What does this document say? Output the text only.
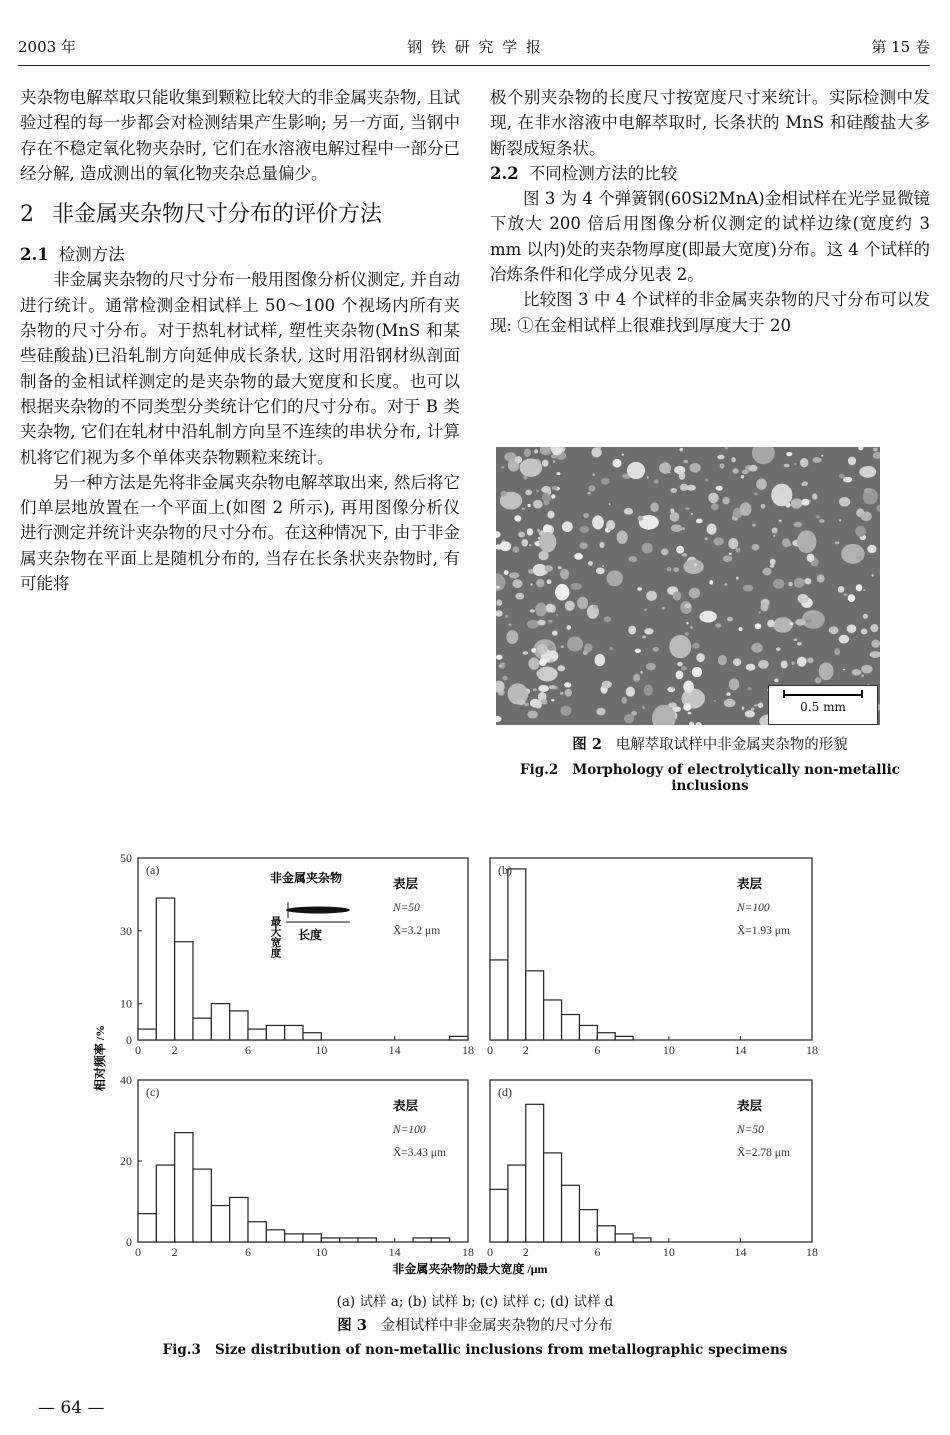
2003 年	钢 铁 研 究 学 报	第 15 卷

夹杂物电解萃取只能收集到颗粒比较大的非金属夹杂物, 且试验过程的每一步都会对检测结果产生影响; 另一方面, 当钢中存在不稳定氧化物夹杂时, 它们在水溶液电解过程中一部分已经分解, 造成测出的氧化物夹杂总量偏少。

2 非金属夹杂物尺寸分布的评价方法

2.1 检测方法

非金属夹杂物的尺寸分布一般用图像分析仪测定, 并自动进行统计。通常检测金相试样上 50～100 个视场内所有夹杂物的尺寸分布。对于热轧材试样, 塑性夹杂物(MnS 和某些硅酸盐)已沿轧制方向延伸成长条状, 这时用沿钢材纵剖面制备的金相试样测定的是夹杂物的最大宽度和长度。也可以根据夹杂物的不同类型分类统计它们的尺寸分布。对于 B 类夹杂物, 它们在轧材中沿轧制方向呈不连续的串状分布, 计算机将它们视为多个单体夹杂物颗粒来统计。

另一种方法是先将非金属夹杂物电解萃取出来, 然后将它们单层地放置在一个平面上(如图 2 所示), 再用图像分析仪进行测定并统计夹杂物的尺寸分布。在这种情况下, 由于非金属夹杂物在平面上是随机分布的, 当存在长条状夹杂物时, 有可能将

极个别夹杂物的长度尺寸按宽度尺寸来统计。实际检测中发现, 在非水溶液中电解萃取时, 长条状的 MnS 和硅酸盐大多断裂成短条状。

2.2 不同检测方法的比较

图 3 为 4 个弹簧钢(60Si2MnA)金相试样在光学显微镜下放大 200 倍后用图像分析仪测定的试样边缘(宽度约 3 mm 以内)处的夹杂物厚度(即最大宽度)分布。这 4 个试样的冶炼条件和化学成分见表 2。

比较图 3 中 4 个试样的非金属夹杂物的尺寸分布可以发现: ①在金相试样上很难找到厚度大于 20

0.5 mm
图 2 电解萃取试样中非金属夹杂物的形貌
Fig.2 Morphology of electrolytically non-metallic inclusions
0	2	6	10	14	18
10
30
50
0
(a)
表层
N=50
X̄=3.2 μm
0 2	6	10	14	18
(b)
表层
N=100
X̄=1.93 μm
0	2	6	10	14	18
20
40
0
(c)
表层
N=100
X̄=3.43 μm
0 2	6	10	14	18
(d)
表层
N=50
X̄=2.78 μm
相对频率 /%
非金属夹杂物的最大宽度 /μm
非金属夹杂物
最大宽度 长度
(a) 试样 a; (b) 试样 b; (c) 试样 c; (d) 试样 d
图 3 金相试样中非金属夹杂物的尺寸分布
Fig.3 Size distribution of non-metallic inclusions from metallographic specimens
— 64 —
